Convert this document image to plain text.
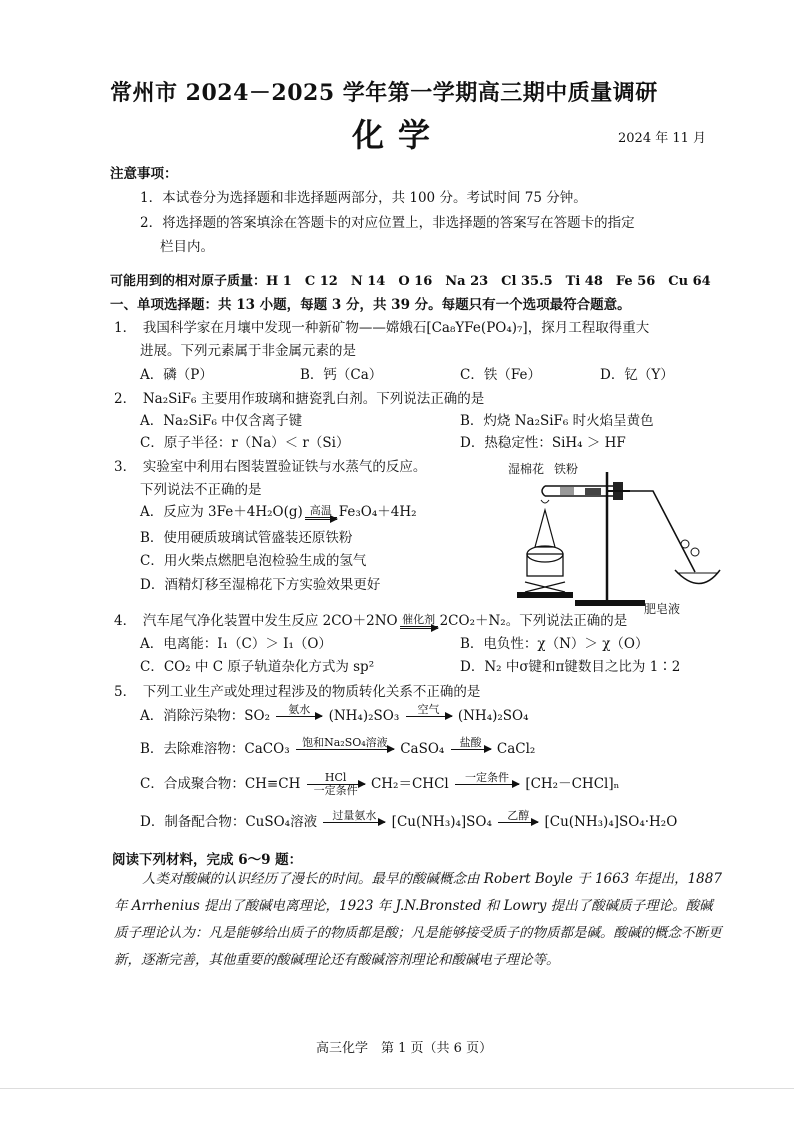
常州市 2024－2025 学年第一学期高三期中质量调研
化学	2024 年 11 月
注意事项：
1．本试卷分为选择题和非选择题两部分，共 100 分。考试时间 75 分钟。
2．将选择题的答案填涂在答题卡的对应位置上，非选择题的答案写在答题卡的指定
栏目内。
可能用到的相对原子质量：H 1　C 12　N 14　O 16　Na 23　Cl 35.5　Ti 48　Fe 56　Cu 64
一、单项选择题：共 13 小题，每题 3 分，共 39 分。每题只有一个选项最符合题意。
1．　我国科学家在月壤中发现一种新矿物——嫦娥石[Ca₈YFe(PO₄)₇]，探月工程取得重大
进展。下列元素属于非金属元素的是
A．磷（P）	B．钙（Ca）	C．铁（Fe）	D．钇（Y）
2．　Na₂SiF₆ 主要用作玻璃和搪瓷乳白剂。下列说法正确的是
A．Na₂SiF₆ 中仅含离子键	B．灼烧 Na₂SiF₆ 时火焰呈黄色
C．原子半径：r（Na）＜ r（Si）	D．热稳定性：SiH₄ ＞ HF
3．　实验室中利用右图装置验证铁与水蒸气的反应。
下列说法不正确的是
A．反应为 3Fe＋4H₂O(g) 高温 Fe₃O₄＋4H₂
B．使用硬质玻璃试管盛装还原铁粉
C．用火柴点燃肥皂泡检验生成的氢气
D．酒精灯移至湿棉花下方实验效果更好
湿棉花 铁粉
肥皂液
4．　汽车尾气净化装置中发生反应 2CO＋2NO 催化剂 2CO₂＋N₂。下列说法正确的是
A．电离能：I₁（C）＞ I₁（O）	B．电负性：χ（N）＞ χ（O）
C．CO₂ 中 C 原子轨道杂化方式为 sp²	D．N₂ 中σ键和π键数目之比为 1∶2
5．　下列工业生产或处理过程涉及的物质转化关系不正确的是
A．消除污染物：SO₂	氨水
	(NH₄)₂SO₃	空气
	(NH₄)₂SO₄
B．去除难溶物：CaCO₃	饱和Na₂SO₄溶液
CaSO₄	盐酸
	CaCl₂
C．合成聚合物：CH≡CH	HCl
一定条件 CH₂＝CHCl	一定条件
	[CH₂－CHCl]ₙ
D．制备配合物：CuSO₄溶液	过量氨水
	[Cu(NH₃)₄]SO₄	乙醇
	[Cu(NH₃)₄]SO₄·H₂O
阅读下列材料，完成 6～9 题：
人类对酸碱的认识经历了漫长的时间。最早的酸碱概念由 Robert Boyle 于 1663 年提出，1887 年 Arrhenius 提出了酸碱电离理论，1923 年 J.N.Bronsted 和 Lowry 提出了酸碱质子理论。酸碱质子理论认为：凡是能够给出质子的物质都是酸；凡是能够接受质子的物质都是碱。酸碱的概念不断更新，逐渐完善，其他重要的酸碱理论还有酸碱溶剂理论和酸碱电子理论等。
高三化学　第 1 页（共 6 页）
